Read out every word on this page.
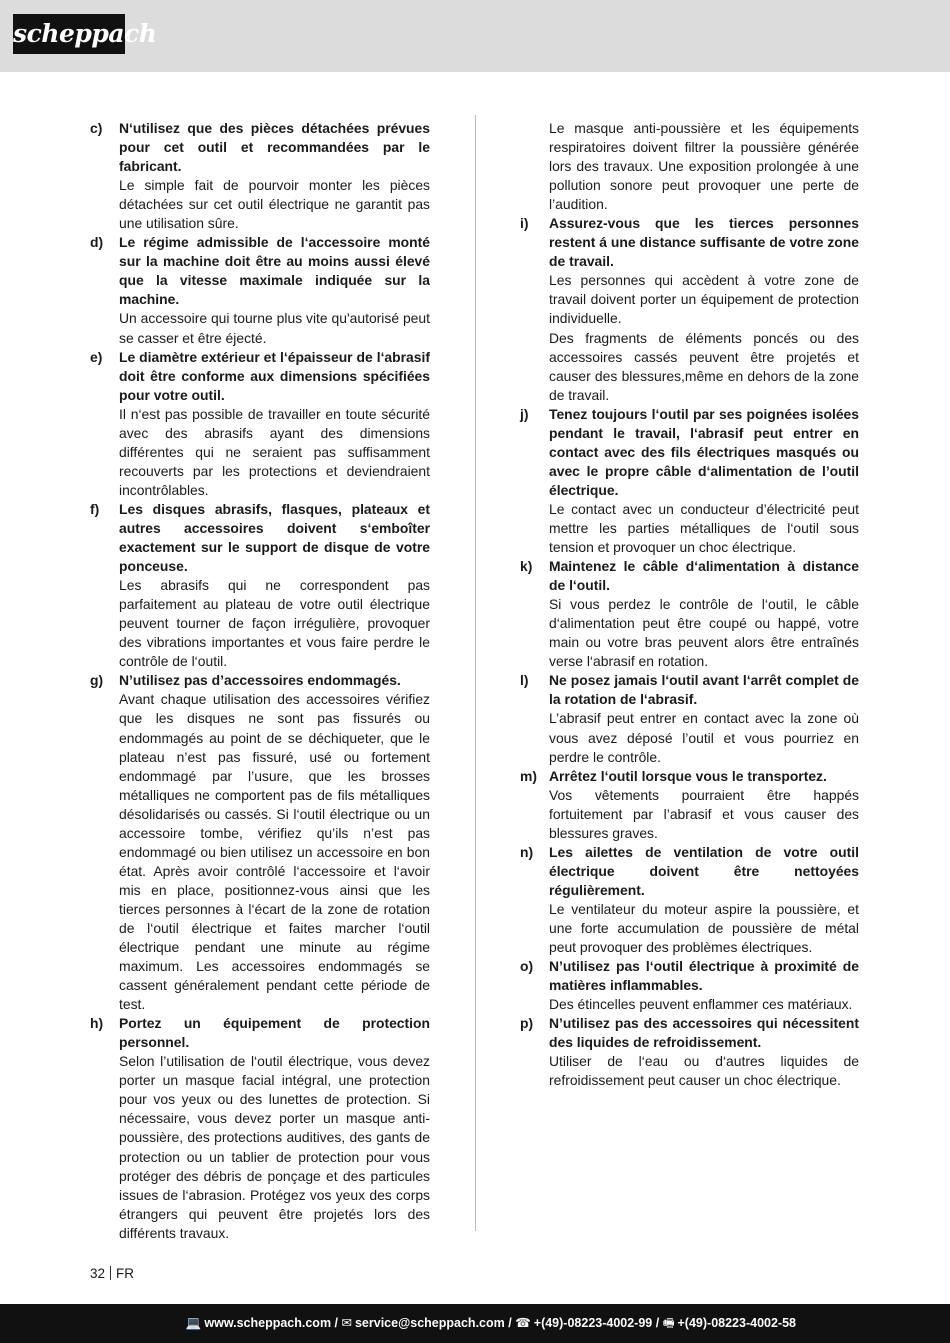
scheppach
c) N‘utilisez que des pièces détachées prévues pour cet outil et recommandées par le fabricant.
Le simple fait de pourvoir monter les pièces détachées sur cet outil électrique ne garantit pas une utilisation sûre.
d) Le régime admissible de l‘accessoire monté sur la machine doit être au moins aussi élevé que la vitesse maximale indiquée sur la machine.
Un accessoire qui tourne plus vite qu'autorisé peut se casser et être éjecté.
e) Le diamètre extérieur et l‘épaisseur de l‘abrasif doit être conforme aux dimensions spécifiées pour votre outil.
Il n‘est pas possible de travailler en toute sécurité avec des abrasifs ayant des dimensions différentes qui ne seraient pas suffisamment recouverts par les protections et deviendraient incontrôlables.
f) Les disques abrasifs, flasques, plateaux et autres accessoires doivent s‘emboîter exactement sur le support de disque de votre ponceuse.
Les abrasifs qui ne correspondent pas parfaitement au plateau de votre outil électrique peuvent tourner de façon irrégulière, provoquer des vibrations importantes et vous faire perdre le contrôle de l‘outil.
g) N’utilisez pas d’accessoires endommagés.
Avant chaque utilisation des accessoires vérifiez que les disques ne sont pas fissurés ou endommagés au point de se déchiqueter, que le plateau n’est pas fissuré, usé ou fortement endommagé par l’usure, que les brosses métalliques ne comportent pas de fils métalliques désolidarisés ou cassés. Si l‘outil électrique ou un accessoire tombe, vérifiez qu’ils n’est pas endommagé ou bien utilisez un accessoire en bon état. Après avoir contrôlé l‘accessoire et l‘avoir mis en place, positionnez-vous ainsi que les tierces personnes à l‘écart de la zone de rotation de l‘outil électrique et faites marcher l‘outil électrique pendant une minute au régime maximum. Les accessoires endommagés se cassent généralement pendant cette période de test.
h) Portez un équipement de protection personnel.
Selon l’utilisation de l‘outil électrique, vous devez porter un masque facial intégral, une protection pour vos yeux ou des lunettes de protection. Si nécessaire, vous devez porter un masque anti-poussière, des protections auditives, des gants de protection ou un tablier de protection pour vous protéger des débris de ponçage et des particules issues de l‘abrasion. Protégez vos yeux des corps étrangers qui peuvent être projetés lors des différents travaux.
Le masque anti-poussière et les équipements respiratoires doivent filtrer la poussière générée lors des travaux. Une exposition prolongée à une pollution sonore peut provoquer une perte de l’audition.
i) Assurez-vous que les tierces personnes restent á une distance suffisante de votre zone de travail.
Les personnes qui accèdent à votre zone de travail doivent porter un équipement de protection individuelle.
Des fragments de éléments poncés ou des accessoires cassés peuvent être projetés et causer des blessures,même en dehors de la zone de travail.
j) Tenez toujours l‘outil par ses poignées isolées pendant le travail, l‘abrasif peut entrer en contact avec des fils électriques masqués ou avec le propre câble d‘alimentation de l’outil électrique.
Le contact avec un conducteur d’électricité peut mettre les parties métalliques de l‘outil sous tension et provoquer un choc électrique.
k) Maintenez le câble d‘alimentation à distance de l‘outil.
Si vous perdez le contrôle de l‘outil, le câble d‘alimentation peut être coupé ou happé, votre main ou votre bras peuvent alors être entraînés verse l‘abrasif en rotation.
l) Ne posez jamais l‘outil avant l‘arrêt complet de la rotation de l‘abrasif.
L’abrasif peut entrer en contact avec la zone où vous avez déposé l’outil et vous pourriez en perdre le contrôle.
m) Arrêtez l‘outil lorsque vous le transportez.
Vos vêtements pourraient être happés fortuitement par l’abrasif et vous causer des blessures graves.
n) Les ailettes de ventilation de votre outil électrique doivent être nettoyées régulièrement.
Le ventilateur du moteur aspire la poussière, et une forte accumulation de poussière de métal peut provoquer des problèmes électriques.
o) N’utilisez pas l‘outil électrique à proximité de matières inflammables.
Des étincelles peuvent enflammer ces matériaux.
p) N’utilisez pas des accessoires qui nécessitent des liquides de refroidissement.
Utiliser de l‘eau ou d‘autres liquides de refroidissement peut causer un choc électrique.
32 FR
💻 www.scheppach.com / ✉ service@scheppach.com / ☎ +(49)-08223-4002-99 / 🖷 +(49)-08223-4002-58
